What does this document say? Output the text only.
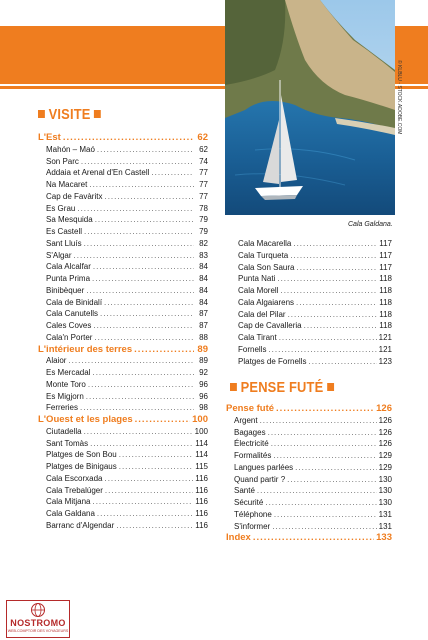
© KLBLU - STOCK.ADOBE.COM
Cala Galdana.
VISITE
L'Est .....	62
Mahón – Maó .....	62
Son Parc .....	74
Addaia et Arenal d'En Castell .....	77
Na Macaret .....	77
Cap de Favàritx .....	77
Es Grau .....	78
Sa Mesquida .....	79
Es Castell .....	79
Sant Lluís .....	82
S'Algar .....	83
Cala Alcalfar .....	84
Punta Prima .....	84
Binibèquer .....	84
Cala de Binidalí .....	84
Cala Canutells .....	87
Cales Coves .....	87
Cala'n Porter .....	88
L'intérieur des terres .....	89
Alaior .....	89
Es Mercadal .....	92
Monte Toro .....	96
Es Migjorn .....	96
Ferreries .....	98
L'Ouest et les plages .....	100
Ciutadella .....	100
Sant Tomàs .....	114
Platges de Son Bou .....	114
Platges de Binigaus .....	115
Cala Escorxada .....	116
Cala Trebalúger .....	116
Cala Mitjana .....	116
Cala Galdana .....	116
Barranc d'Algendar .....	116
Cala Macarella .....	117
Cala Turqueta .....	117
Cala Son Saura .....	117
Punta Nati .....	118
Cala Morell .....	118
Cala Algaiarens .....	118
Cala del Pilar .....	118
Cap de Cavalleria .....	118
Cala Tirant .....	121
Fornells .....	121
Platges de Fornells .....	123
PENSE FUTÉ
Pense futé .....	126
Argent .....	126
Bagages .....	126
Électricité .....	126
Formalités .....	129
Langues parlées .....	129
Quand partir ? .....	130
Santé .....	130
Sécurité .....	130
Téléphone .....	131
S'informer .....	131
Index .....	133
NOSTROMO
WEB-COMPTOIR DES VOYAGEURS
